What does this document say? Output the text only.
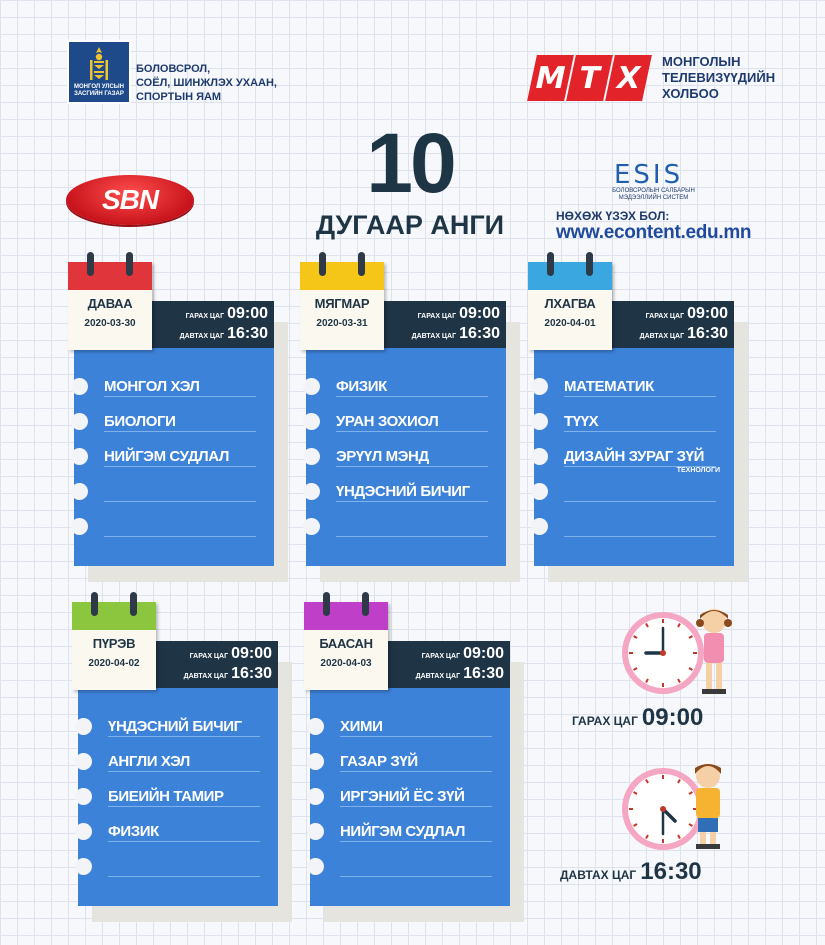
МОНГОЛ УЛСЫН ЗАСГИЙН ГАЗАР
БОЛОВСРОЛ,
СОЁЛ, ШИНЖЛЭХ УХААН,
СПОРТЫН ЯАМ
М Т Х	МОНГОЛЫН
ТЕЛЕВИЗҮҮДИЙН
ХОЛБОО
SBN	10
ДУГААР АНГИ
ESIS
БОЛОВСРОЛЫН САЛБАРЫН МЭДЭЭЛЛИЙН СИСТЕМ
НӨХӨЖ ҮЗЭХ БОЛ:
www.econtent.edu.mn
ГАРАХ ЦАГ 09:00
ДАВТАХ ЦАГ 16:30
ДАВАА
2020-03-30
МОНГОЛ ХЭЛ
БИОЛОГИ
НИЙГЭМ СУДЛАЛ
ГАРАХ ЦАГ 09:00
ДАВТАХ ЦАГ 16:30
МЯГМАР
2020-03-31
ФИЗИК
УРАН ЗОХИОЛ
ЭРҮҮЛ МЭНД
ҮНДЭСНИЙ БИЧИГ
ГАРАХ ЦАГ 09:00
ДАВТАХ ЦАГ 16:30
ЛХАГВА
2020-04-01
МАТЕМАТИК
ТҮҮХ
ДИЗАЙН ЗУРАГ ЗҮЙ
ТЕХНОЛОГИ
ГАРАХ ЦАГ 09:00
ДАВТАХ ЦАГ 16:30
ПҮРЭВ
2020-04-02
ҮНДЭСНИЙ БИЧИГ
АНГЛИ ХЭЛ
БИЕИЙН ТАМИР
ФИЗИК
ГАРАХ ЦАГ 09:00
ДАВТАХ ЦАГ 16:30
БААСАН
2020-04-03
ХИМИ
ГАЗАР ЗҮЙ
ИРГЭНИЙ ЁС ЗҮЙ
НИЙГЭМ СУДЛАЛ
ГАРАХ ЦАГ 09:00
ДАВТАХ ЦАГ 16:30
